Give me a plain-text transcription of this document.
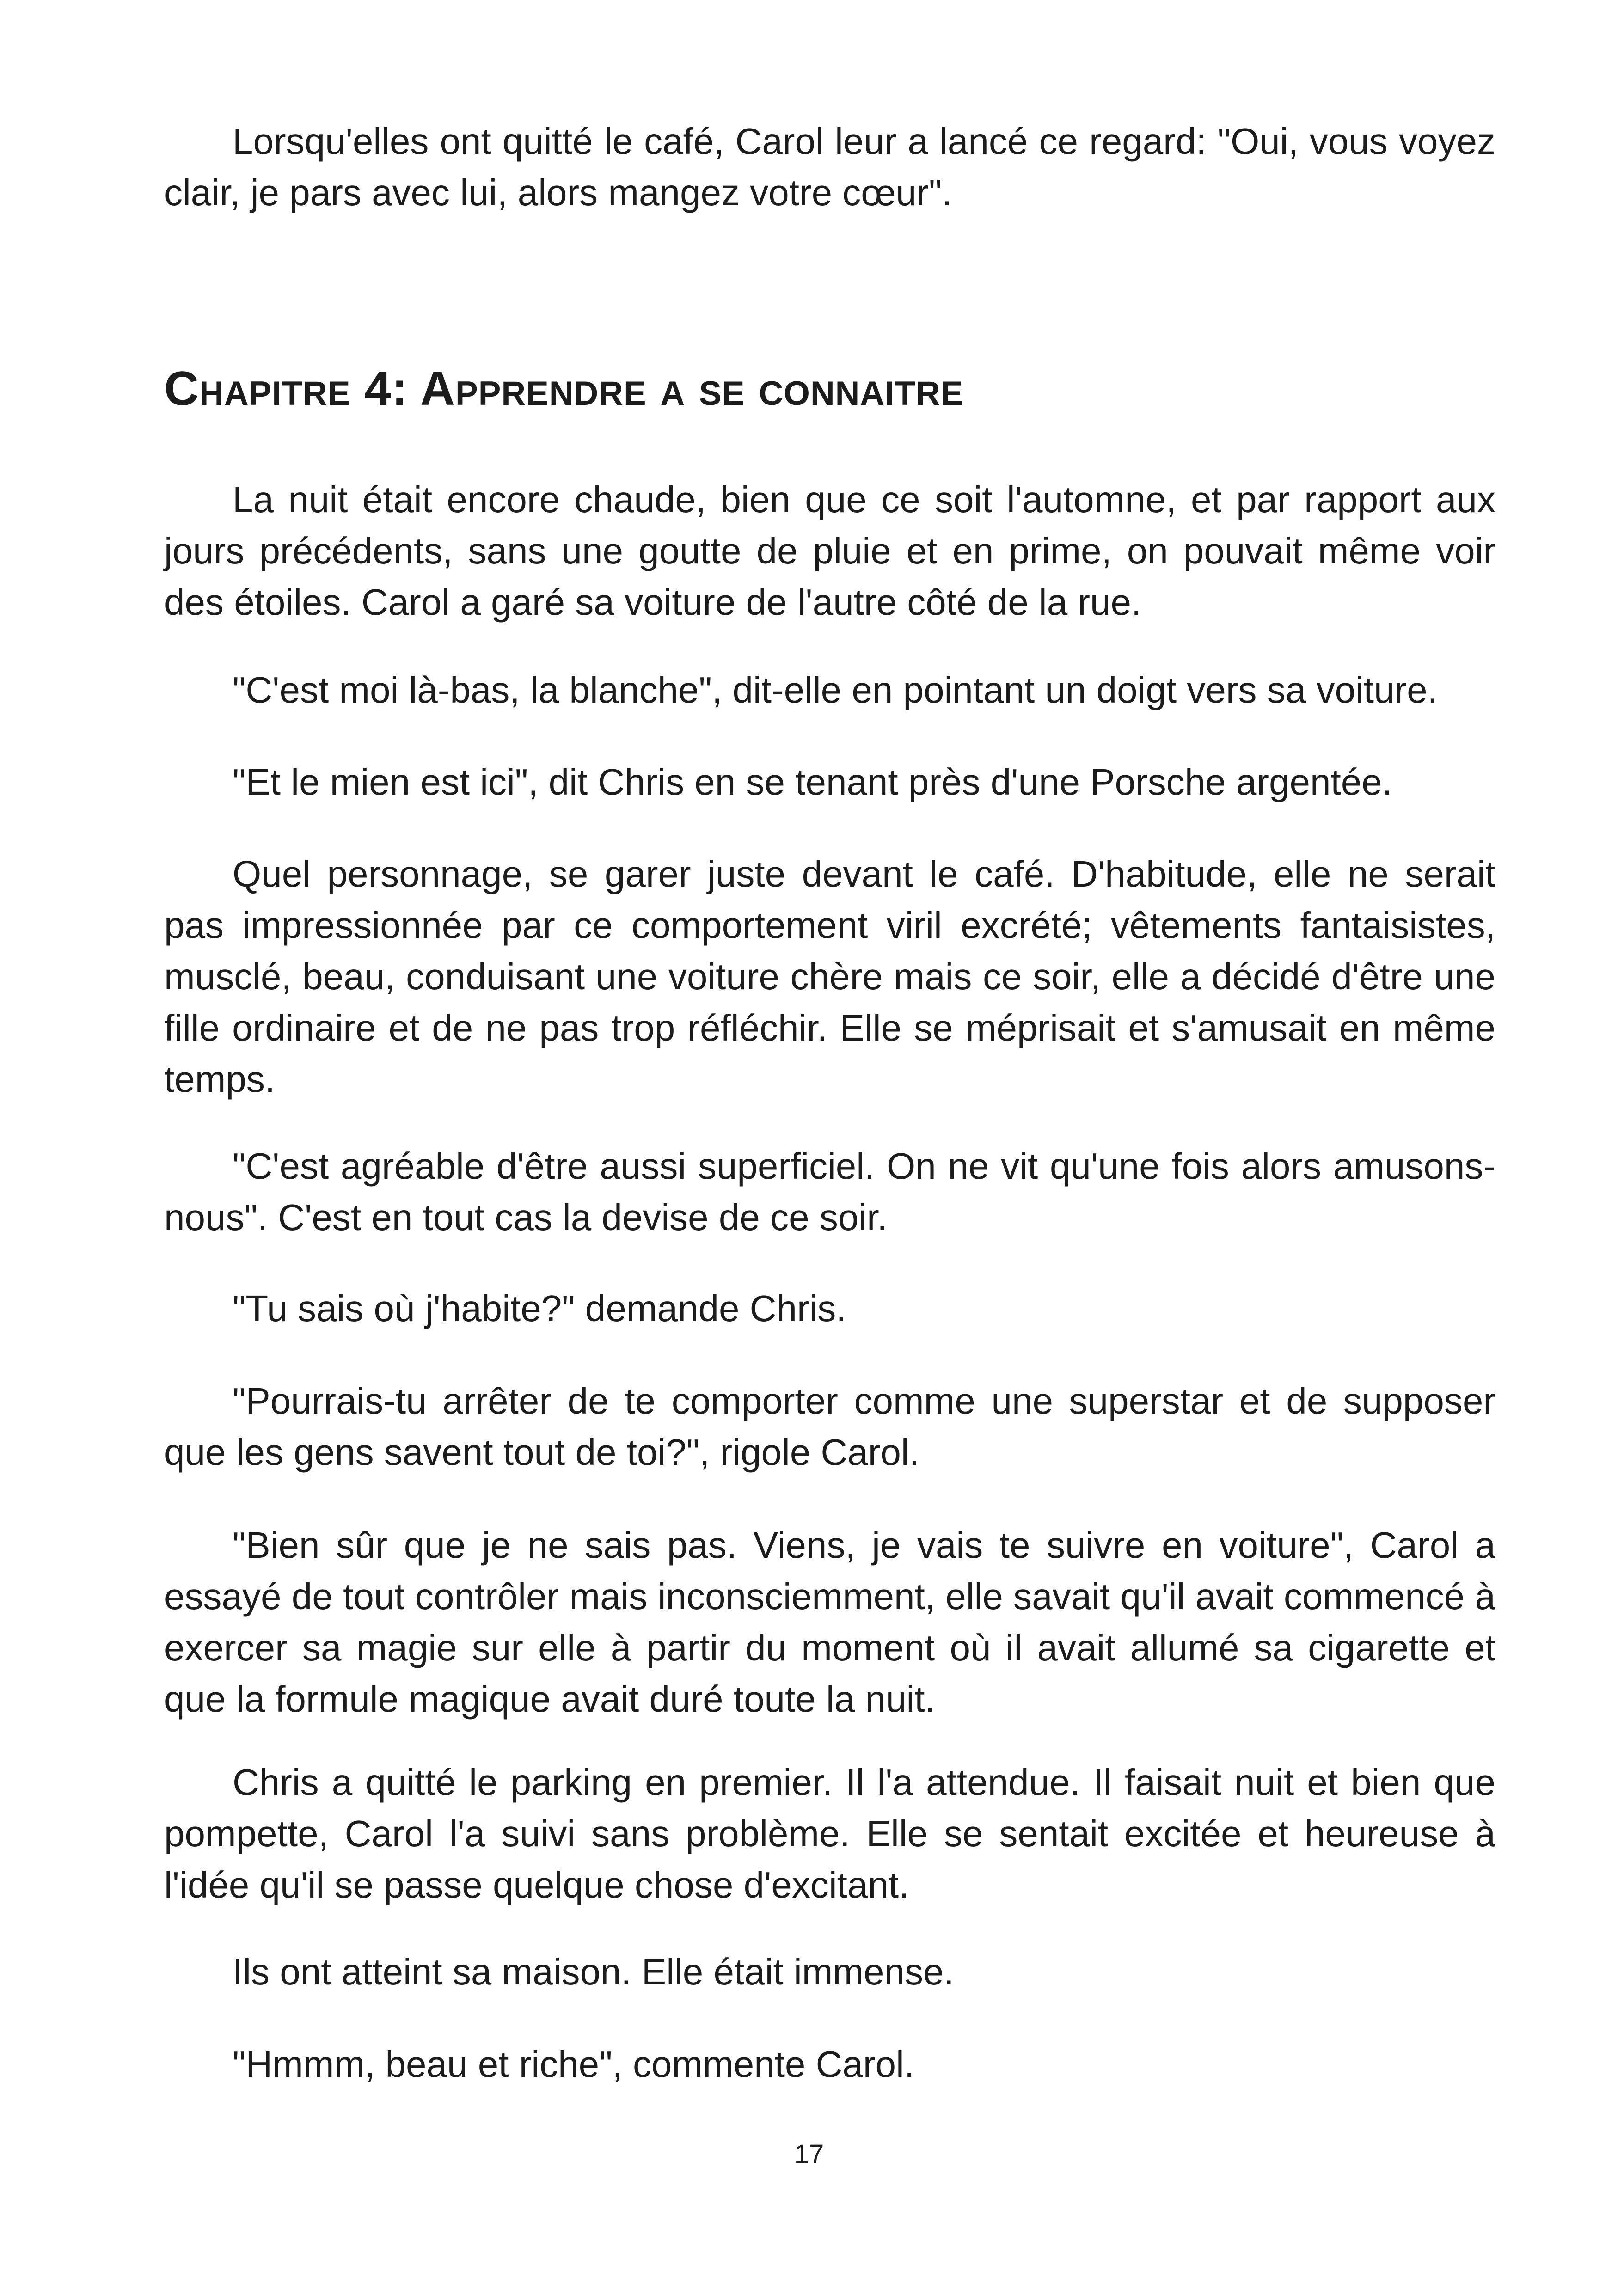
Lorsqu'elles ont quitté le café, Carol leur a lancé ce regard: "Oui, vous voyez clair, je pars avec lui, alors mangez votre cœur".

Chapitre 4: Apprendre a se connaitre

La nuit était encore chaude, bien que ce soit l'automne, et par rapport aux jours précédents, sans une goutte de pluie et en prime, on pouvait même voir des étoiles. Carol a garé sa voiture de l'autre côté de la rue.

"C'est moi là-bas, la blanche", dit-elle en pointant un doigt vers sa voiture.

"Et le mien est ici", dit Chris en se tenant près d'une Porsche argentée.

Quel personnage, se garer juste devant le café. D'habitude, elle ne serait pas impressionnée par ce comportement viril excrété; vêtements fantaisistes, musclé, beau, conduisant une voiture chère mais ce soir, elle a décidé d'être une fille ordinaire et de ne pas trop réfléchir. Elle se méprisait et s'amusait en même temps.

"C'est agréable d'être aussi superficiel. On ne vit qu'une fois alors amusons-nous". C'est en tout cas la devise de ce soir.

"Tu sais où j'habite?" demande Chris.

"Pourrais-tu arrêter de te comporter comme une superstar et de supposer que les gens savent tout de toi?", rigole Carol.

"Bien sûr que je ne sais pas. Viens, je vais te suivre en voiture", Carol a essayé de tout contrôler mais inconsciemment, elle savait qu'il avait commencé à exercer sa magie sur elle à partir du moment où il avait allumé sa cigarette et que la formule magique avait duré toute la nuit.

Chris a quitté le parking en premier. Il l'a attendue. Il faisait nuit et bien que pompette, Carol l'a suivi sans problème. Elle se sentait excitée et heureuse à l'idée qu'il se passe quelque chose d'excitant.

Ils ont atteint sa maison. Elle était immense.

"Hmmm, beau et riche", commente Carol.

17
